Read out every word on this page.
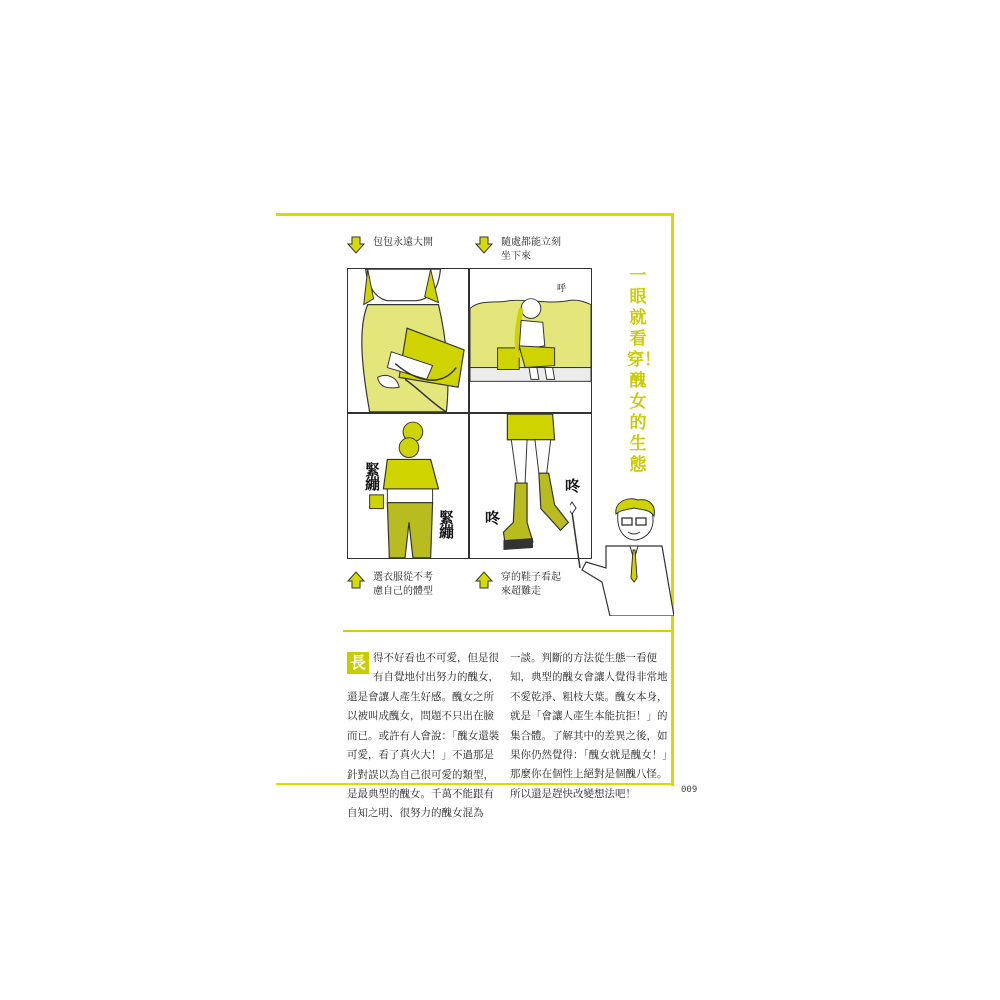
包包永遠大開	隨處都能立刻坐下來
呼
緊繃
緊繃 咚
咚
選衣服從不考慮自己的體型
穿的鞋子看起來超難走
一眼就看穿！醜女的生態
長 得不好看也不可愛，但是很有自覺地付出努力的醜女，
還是會讓人產生好感。醜女之所以被叫成醜女，問題不只出在臉而已。或許有人會說：「醜女還裝可愛，看了真火大！」不過那是針對誤以為自己很可愛的類型，是最典型的醜女。千萬不能跟有自知之明、很努力的醜女混為
一談。判斷的方法從生態一看便知，典型的醜女會讓人覺得非常地不愛乾淨、粗枝大葉。醜女本身，就是「會讓人產生本能抗拒！」的集合體。了解其中的差異之後，如果你仍然覺得：「醜女就是醜女！」那麼你在個性上絕對是個醜八怪。所以還是趕快改變想法吧！	009
